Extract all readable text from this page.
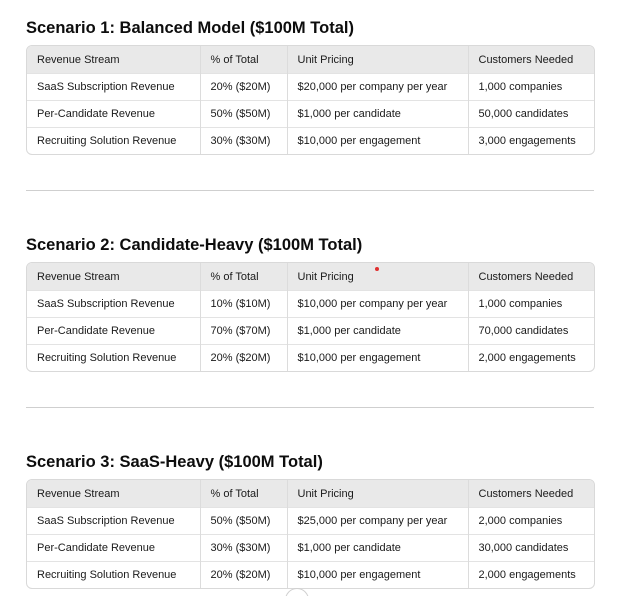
Scenario 1: Balanced Model ($100M Total)
Revenue Stream	% of Total	Unit Pricing	Customers Needed
SaaS Subscription Revenue	20% ($20M)	$20,000 per company per year	1,000 companies
Per-Candidate Revenue	50% ($50M)	$1,000 per candidate	50,000 candidates
Recruiting Solution Revenue	30% ($30M)	$10,000 per engagement	3,000 engagements
Scenario 2: Candidate-Heavy ($100M Total)
Revenue Stream	% of Total	Unit Pricing	Customers Needed
SaaS Subscription Revenue	10% ($10M)	$10,000 per company per year	1,000 companies
Per-Candidate Revenue	70% ($70M)	$1,000 per candidate	70,000 candidates
Recruiting Solution Revenue	20% ($20M)	$10,000 per engagement	2,000 engagements
Scenario 3: SaaS-Heavy ($100M Total)
Revenue Stream	% of Total	Unit Pricing	Customers Needed
SaaS Subscription Revenue	50% ($50M)	$25,000 per company per year	2,000 companies
Per-Candidate Revenue	30% ($30M)	$1,000 per candidate	30,000 candidates
Recruiting Solution Revenue	20% ($20M)	$10,000 per engagement	2,000 engagements
